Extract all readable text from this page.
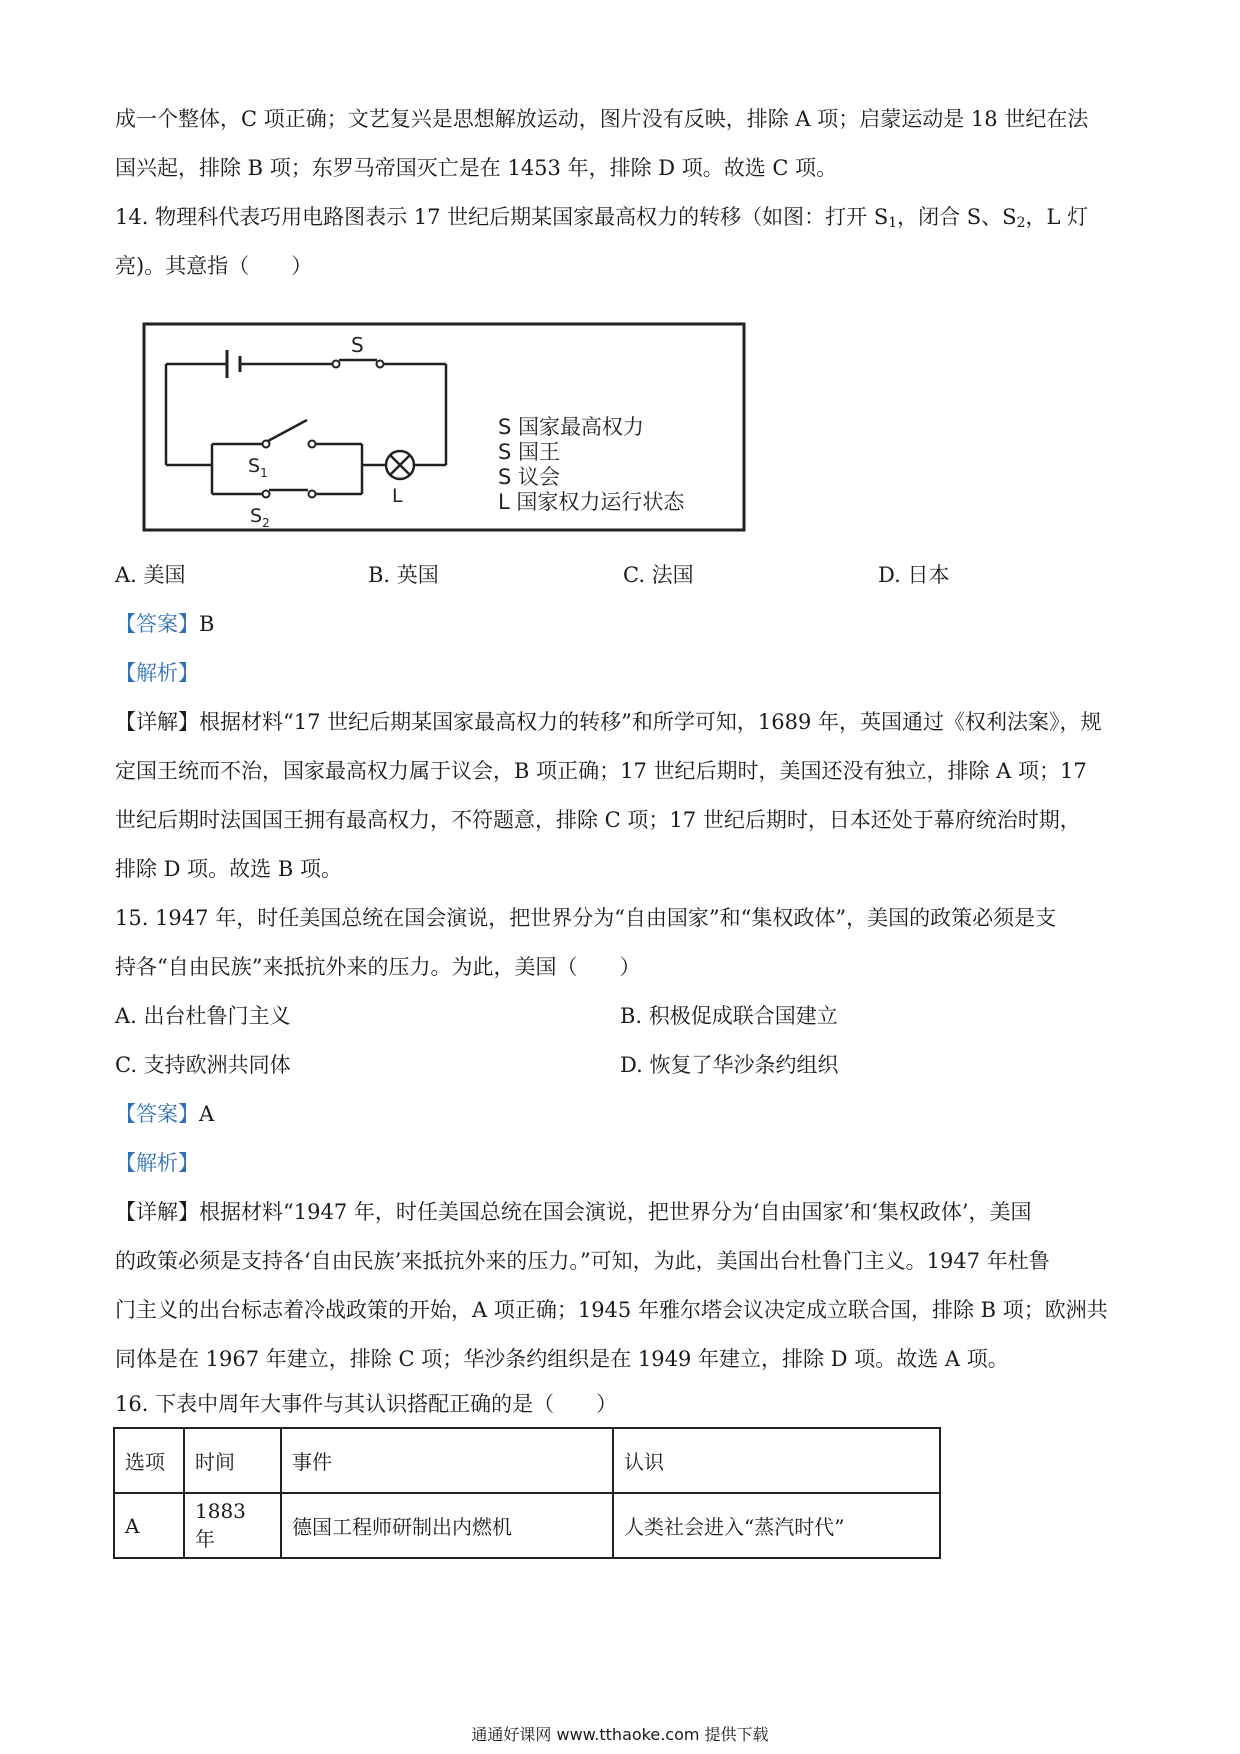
成一个整体，C 项正确；文艺复兴是思想解放运动，图片没有反映，排除 A 项；启蒙运动是 18 世纪在法
国兴起，排除 B 项；东罗马帝国灭亡是在 1453 年，排除 D 项。故选 C 项。
14. 物理科代表巧用电路图表示 17 世纪后期某国家最高权力的转移（如图：打开 $S_1$，闭合 S、$S_2$，L 灯
亮)。其意指（　　）
S
$S_1$
$S_2$
L
S 国家最高权力
S 国王
S 议会
L 国家权力运行状态
A. 美国	B. 英国	C. 法国	D. 日本
【答案】B
【解析】
【详解】根据材料“17 世纪后期某国家最高权力的转移”和所学可知，1689 年，英国通过《权利法案》，规
定国王统而不治，国家最高权力属于议会，B 项正确；17 世纪后期时，美国还没有独立，排除 A 项；17
世纪后期时法国国王拥有最高权力，不符题意，排除 C 项；17 世纪后期时，日本还处于幕府统治时期，
排除 D 项。故选 B 项。
15. 1947 年，时任美国总统在国会演说，把世界分为“自由国家”和“集权政体”，美国的政策必须是支
持各“自由民族”来抵抗外来的压力。为此，美国（　　）
A. 出台杜鲁门主义	B. 积极促成联合国建立
C. 支持欧洲共同体	D. 恢复了华沙条约组织
【答案】A
【解析】
【详解】根据材料“1947 年，时任美国总统在国会演说，把世界分为‘自由国家’和‘集权政体’，美国
的政策必须是支持各‘自由民族’来抵抗外来的压力。”可知，为此，美国出台杜鲁门主义。1947 年杜鲁
门主义的出台标志着冷战政策的开始，A 项正确；1945 年雅尔塔会议决定成立联合国，排除 B 项；欧洲共
同体是在 1967 年建立，排除 C 项；华沙条约组织是在 1949 年建立，排除 D 项。故选 A 项。
16. 下表中周年大事件与其认识搭配正确的是（　　）
选项	时间	事件	认识
A	1883 年	德国工程师研制出内燃机	人类社会进入“蒸汽时代”
通通好课网 www.tthaoke.com 提供下载
